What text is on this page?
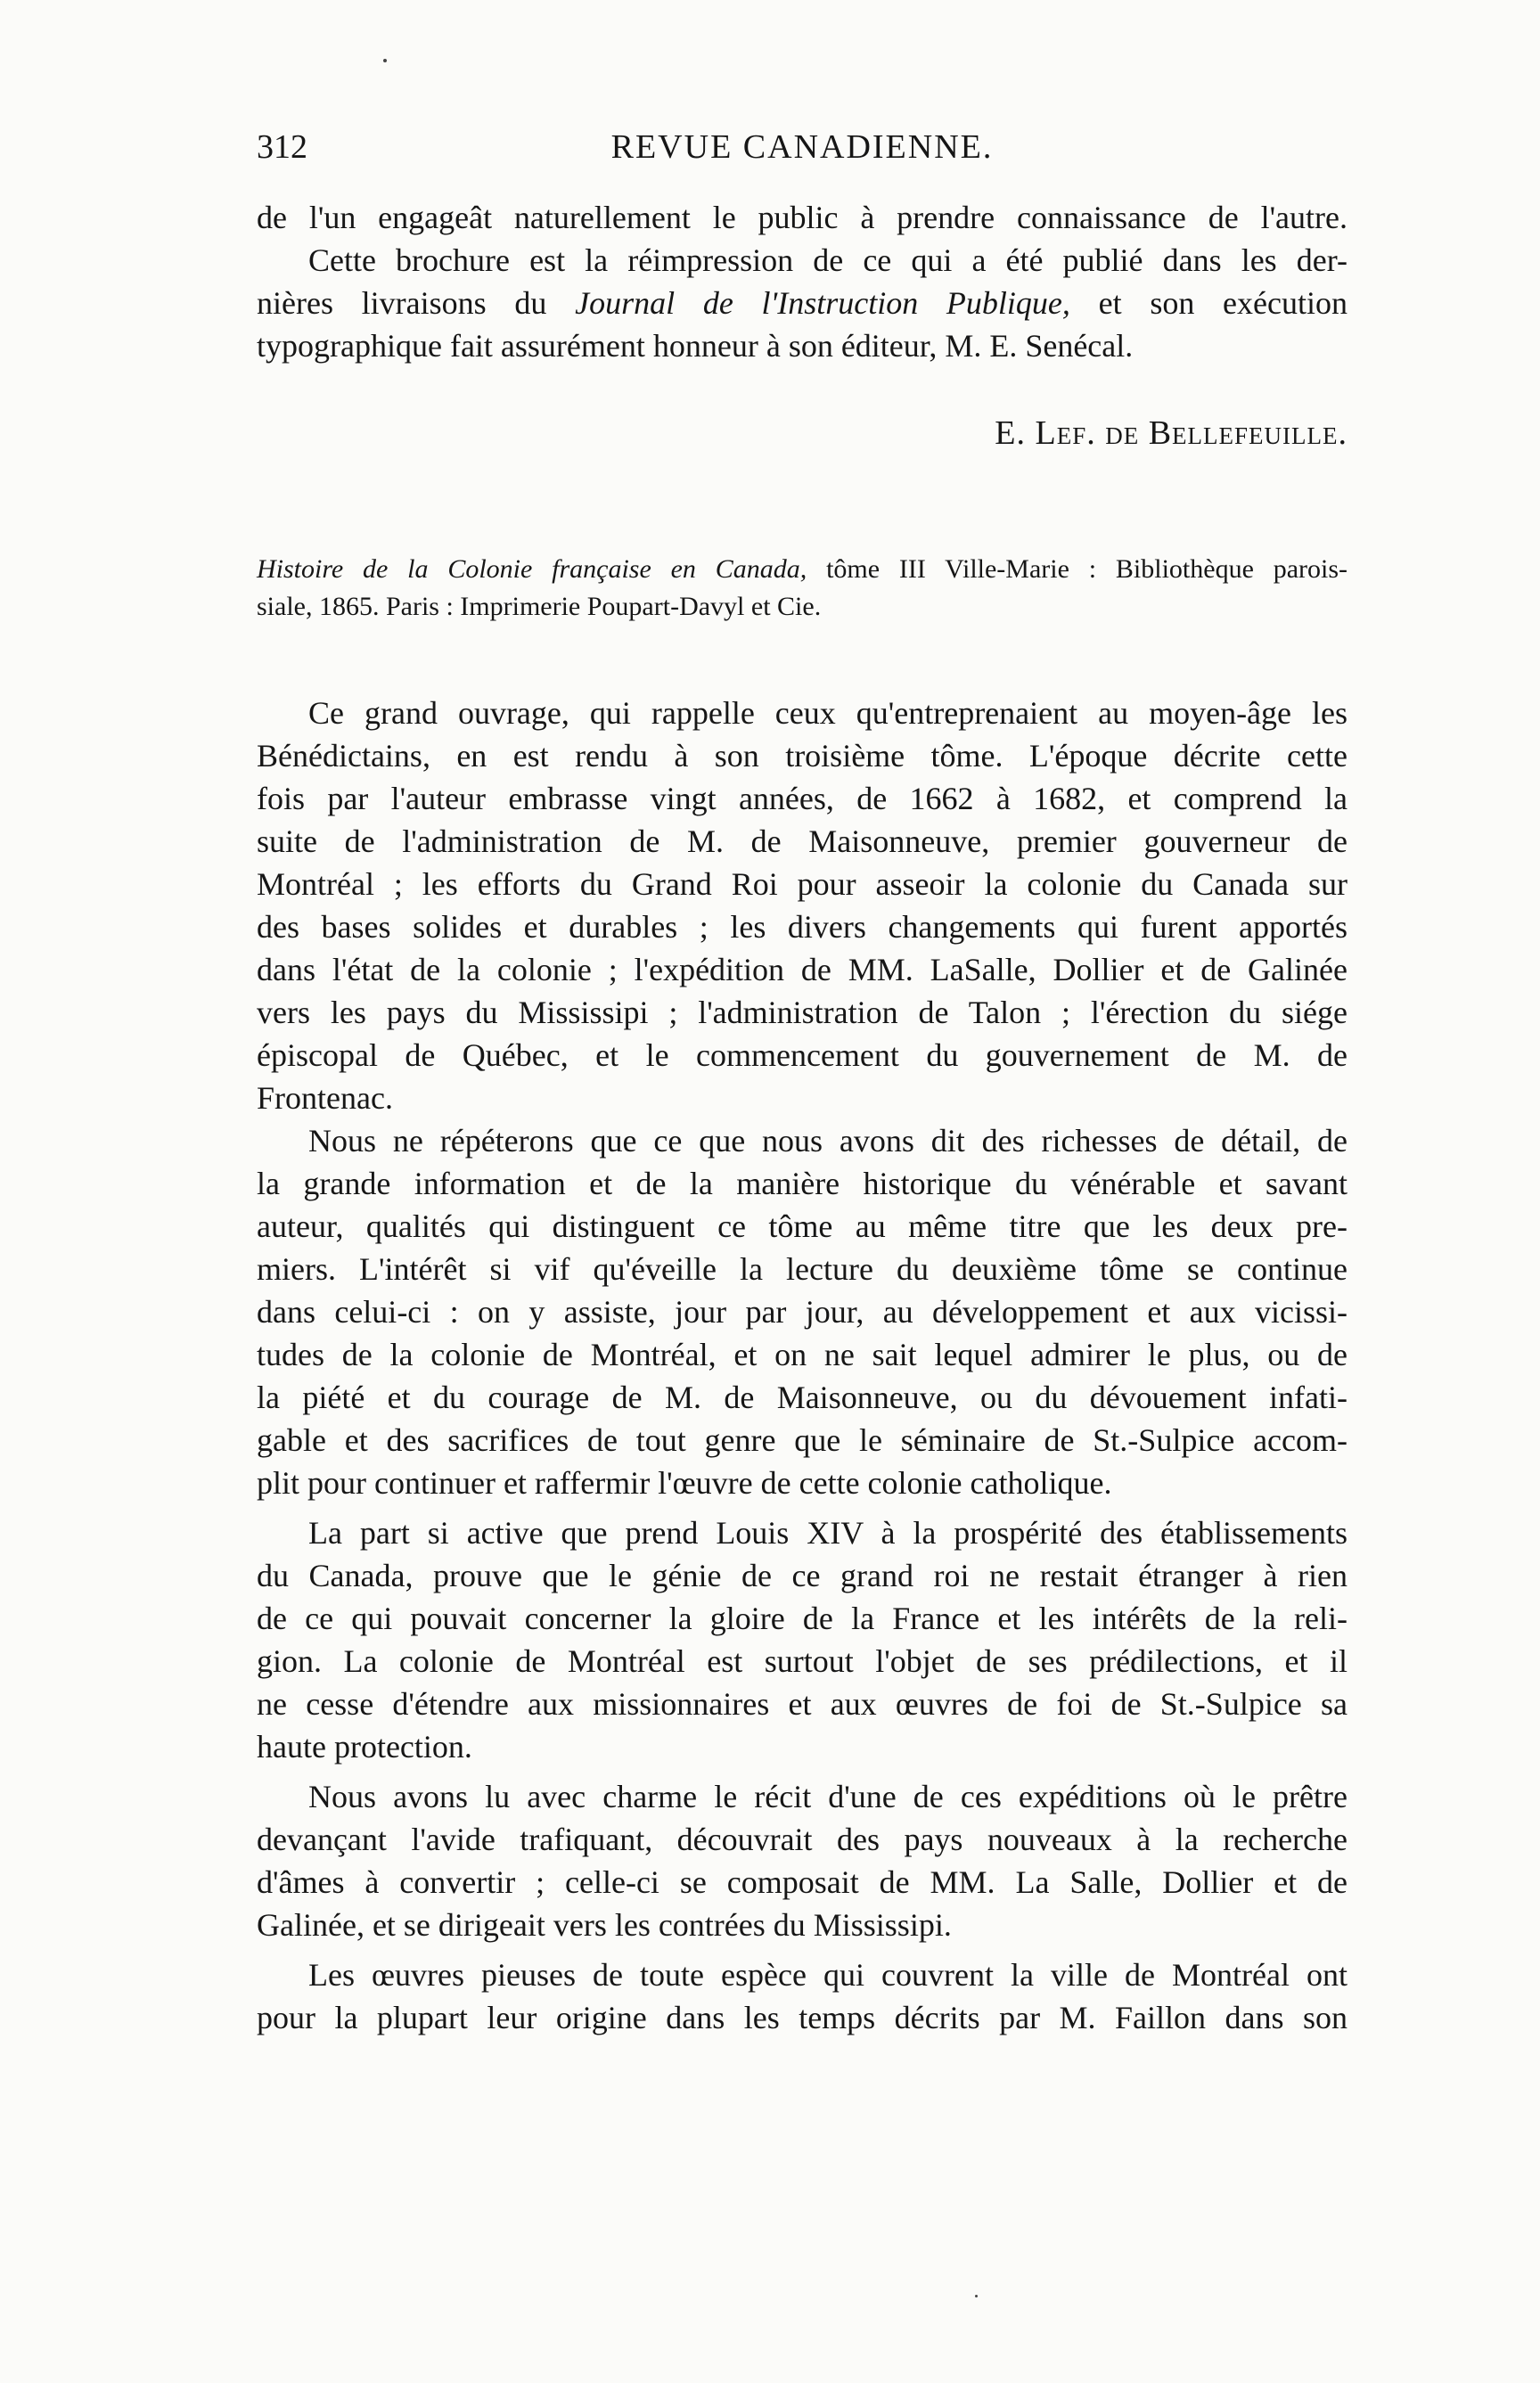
312	REVUE CANADIENNE.
de l'un engageât naturellement le public à prendre connaissance de l'autre.
Cette brochure est la réimpression de ce qui a été publié dans les der-
nières livraisons du Journal de l'Instruction Publique, et son exécution
typographique fait assurément honneur à son éditeur, M. E. Senécal.
E. Lef. de Bellefeuille.
Histoire de la Colonie française en Canada, tôme III Ville-Marie : Bibliothèque parois-
siale, 1865. Paris : Imprimerie Poupart-Davyl et Cie.
Ce grand ouvrage, qui rappelle ceux qu'entreprenaient au moyen-âge les
Bénédictains, en est rendu à son troisième tôme. L'époque décrite cette
fois par l'auteur embrasse vingt années, de 1662 à 1682, et comprend la
suite de l'administration de M. de Maisonneuve, premier gouverneur de
Montréal ; les efforts du Grand Roi pour asseoir la colonie du Canada sur
des bases solides et durables ; les divers changements qui furent apportés
dans l'état de la colonie ; l'expédition de MM. LaSalle, Dollier et de Galinée
vers les pays du Mississipi ; l'administration de Talon ; l'érection du siége
épiscopal de Québec, et le commencement du gouvernement de M. de
Frontenac.
Nous ne répéterons que ce que nous avons dit des richesses de détail, de
la grande information et de la manière historique du vénérable et savant
auteur, qualités qui distinguent ce tôme au même titre que les deux pre-
miers. L'intérêt si vif qu'éveille la lecture du deuxième tôme se continue
dans celui-ci : on y assiste, jour par jour, au développement et aux vicissi-
tudes de la colonie de Montréal, et on ne sait lequel admirer le plus, ou de
la piété et du courage de M. de Maisonneuve, ou du dévouement infati-
gable et des sacrifices de tout genre que le séminaire de St.-Sulpice accom-
plit pour continuer et raffermir l'œuvre de cette colonie catholique.
La part si active que prend Louis XIV à la prospérité des établissements
du Canada, prouve que le génie de ce grand roi ne restait étranger à rien
de ce qui pouvait concerner la gloire de la France et les intérêts de la reli-
gion. La colonie de Montréal est surtout l'objet de ses prédilections, et il
ne cesse d'étendre aux missionnaires et aux œuvres de foi de St.-Sulpice sa
haute protection.
Nous avons lu avec charme le récit d'une de ces expéditions où le prêtre
devançant l'avide trafiquant, découvrait des pays nouveaux à la recherche
d'âmes à convertir ; celle-ci se composait de MM. La Salle, Dollier et de
Galinée, et se dirigeait vers les contrées du Mississipi.
Les œuvres pieuses de toute espèce qui couvrent la ville de Montréal ont
pour la plupart leur origine dans les temps décrits par M. Faillon dans son
